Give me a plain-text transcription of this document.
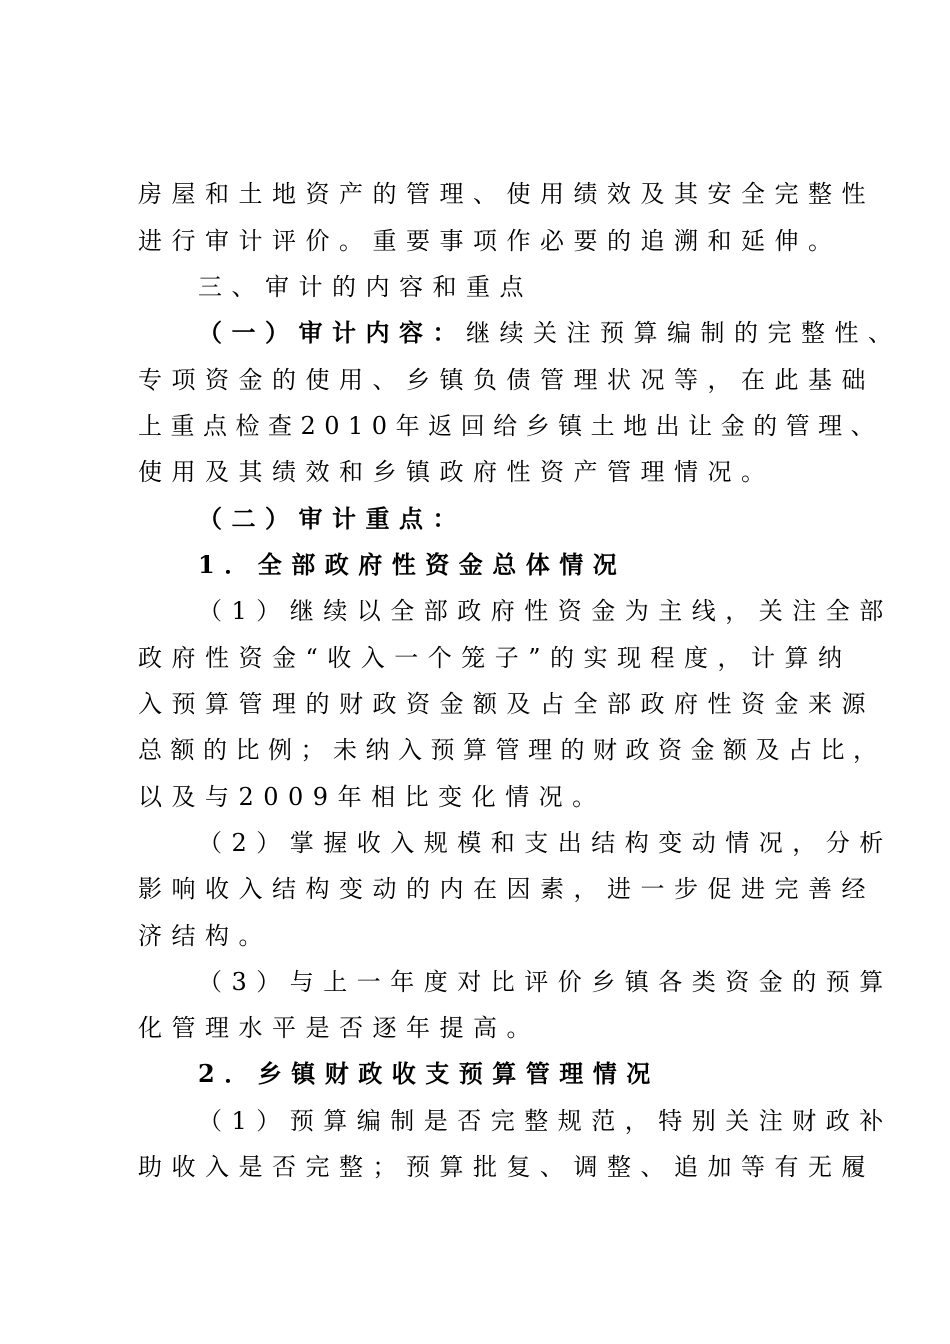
房屋和土地资产的管理、使用绩效及其安全完整性
进行审计评价。重要事项作必要的追溯和延伸。
三、审计的内容和重点
（一）审计内容：继续关注预算编制的完整性、
专项资金的使用、乡镇负债管理状况等，在此基础
上重点检查2010年返回给乡镇土地出让金的管理、
使用及其绩效和乡镇政府性资产管理情况。
（二）审计重点：
1．全部政府性资金总体情况
（1）继续以全部政府性资金为主线，关注全部
政府性资金“收入一个笼子”的实现程度，计算纳
入预算管理的财政资金额及占全部政府性资金来源
总额的比例；未纳入预算管理的财政资金额及占比，
以及与2009年相比变化情况。
（2）掌握收入规模和支出结构变动情况，分析
影响收入结构变动的内在因素，进一步促进完善经
济结构。
（3）与上一年度对比评价乡镇各类资金的预算
化管理水平是否逐年提高。
2．乡镇财政收支预算管理情况
（1）预算编制是否完整规范，特别关注财政补
助收入是否完整；预算批复、调整、追加等有无履
